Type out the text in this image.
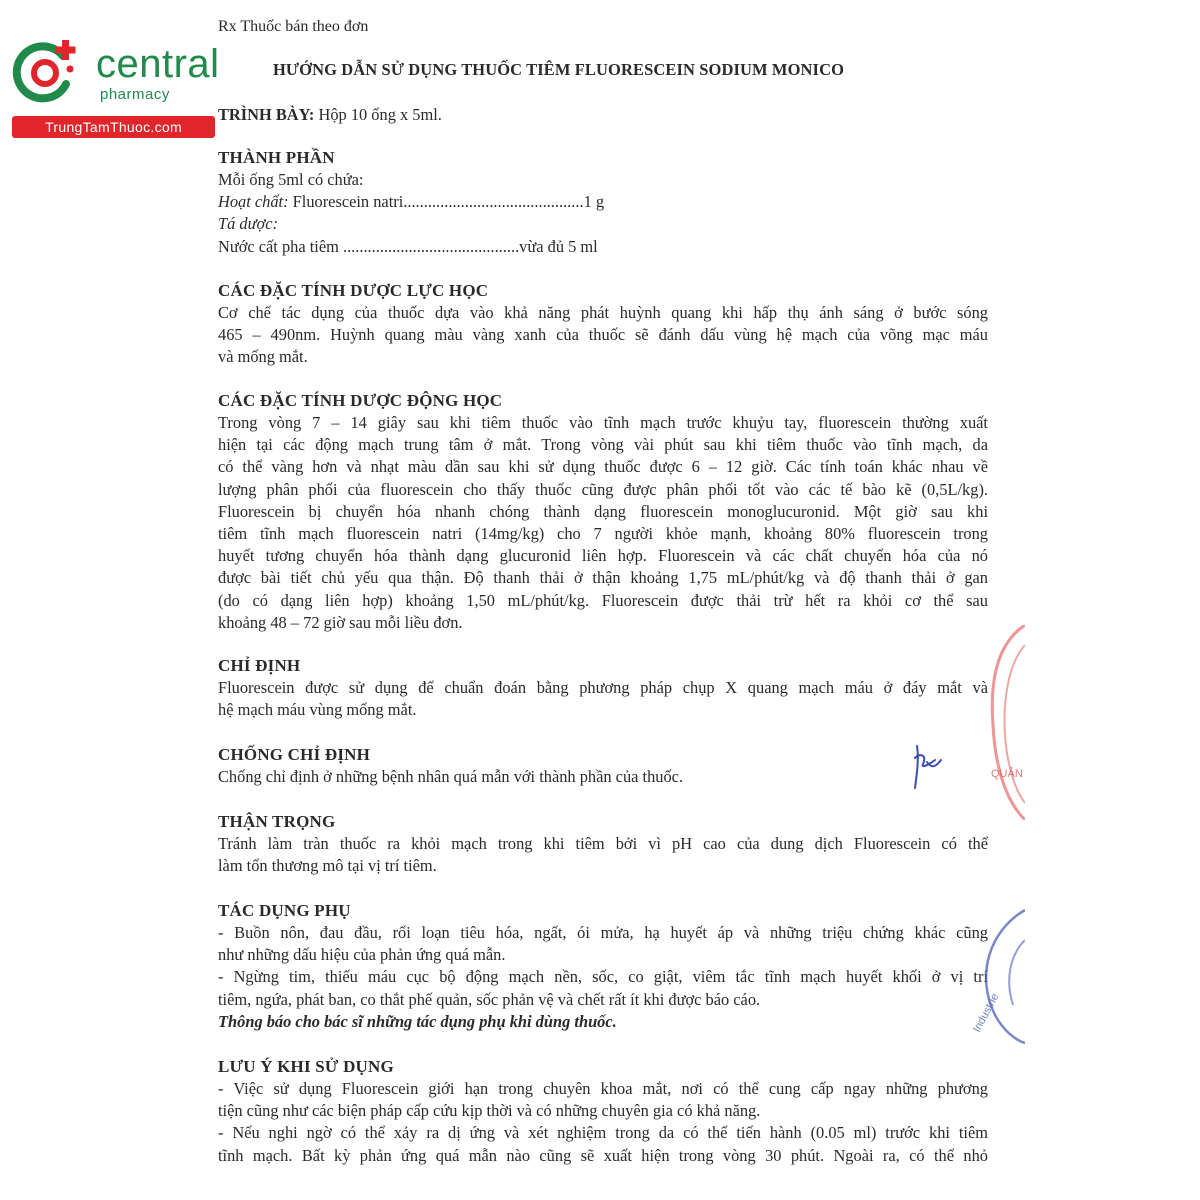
central
pharmacy
TrungTamThuoc.com
Rx Thuốc bán theo đơn
HƯỚNG DẪN SỬ DỤNG THUỐC TIÊM FLUORESCEIN SODIUM MONICO
TRÌNH BÀY: Hộp 10 ống x 5ml.
THÀNH PHẦN
Mỗi ống 5ml có chứa:
Hoạt chất: Fluorescein natri............................................1 g
Tá dược:
Nước cất pha tiêm ...........................................vừa đủ 5 ml
CÁC ĐẶC TÍNH DƯỢC LỰC HỌC
Cơ chế tác dụng của thuốc dựa vào khả năng phát huỳnh quang khi hấp thụ ánh sáng ở bước sóng
465 – 490nm. Huỳnh quang màu vàng xanh của thuốc sẽ đánh dấu vùng hệ mạch của võng mạc máu
và mống mắt.
CÁC ĐẶC TÍNH DƯỢC ĐỘNG HỌC
Trong vòng 7 – 14 giây sau khi tiêm thuốc vào tĩnh mạch trước khuỷu tay, fluorescein thường xuất
hiện tại các động mạch trung tâm ở mắt. Trong vòng vài phút sau khi tiêm thuốc vào tĩnh mạch, da
có thể vàng hơn và nhạt màu dần sau khi sử dụng thuốc được 6 – 12 giờ. Các tính toán khác nhau về
lượng phân phối của fluorescein cho thấy thuốc cũng được phân phối tốt vào các tế bào kẽ (0,5L/kg).
Fluorescein bị chuyển hóa nhanh chóng thành dạng fluorescein monoglucuronid. Một giờ sau khi
tiêm tĩnh mạch fluorescein natri (14mg/kg) cho 7 người khỏe mạnh, khoảng 80% fluorescein trong
huyết tương chuyển hóa thành dạng glucuronid liên hợp. Fluorescein và các chất chuyển hóa của nó
được bài tiết chủ yếu qua thận. Độ thanh thải ở thận khoảng 1,75 mL/phút/kg và độ thanh thải ở gan
(do có dạng liên hợp) khoảng 1,50 mL/phút/kg. Fluorescein được thải trừ hết ra khỏi cơ thể sau
khoảng 48 – 72 giờ sau mỗi liều đơn.
CHỈ ĐỊNH
Fluorescein được sử dụng để chuẩn đoán bằng phương pháp chụp X quang mạch máu ở đáy mắt và
hệ mạch máu vùng mống mắt.
CHỐNG CHỈ ĐỊNH
Chống chỉ định ở những bệnh nhân quá mẫn với thành phần của thuốc.
THẬN TRỌNG
Tránh làm tràn thuốc ra khỏi mạch trong khi tiêm bởi vì pH cao của dung dịch Fluorescein có thể
làm tổn thương mô tại vị trí tiêm.
TÁC DỤNG PHỤ
- Buồn nôn, đau đầu, rối loạn tiêu hóa, ngất, ói mửa, hạ huyết áp và những triệu chứng khác cũng
như những dấu hiệu của phản ứng quá mẫn.
- Ngừng tim, thiếu máu cục bộ động mạch nền, sốc, co giật, viêm tắc tĩnh mạch huyết khối ở vị trí
tiêm, ngứa, phát ban, co thắt phế quản, sốc phản vệ và chết rất ít khi được báo cáo.
Thông báo cho bác sĩ những tác dụng phụ khi dùng thuốc.
LƯU Ý KHI SỬ DỤNG
- Việc sử dụng Fluorescein giới hạn trong chuyên khoa mắt, nơi có thể cung cấp ngay những phương
tiện cũng như các biện pháp cấp cứu kịp thời và có những chuyên gia có khả năng.
- Nếu nghi ngờ có thể xảy ra dị ứng và xét nghiệm trong da có thể tiến hành (0.05 ml) trước khi tiêm
tĩnh mạch. Bất kỳ phản ứng quá mẫn nào cũng sẽ xuất hiện trong vòng 30 phút. Ngoài ra, có thể nhỏ
QUẢN
Industrie
